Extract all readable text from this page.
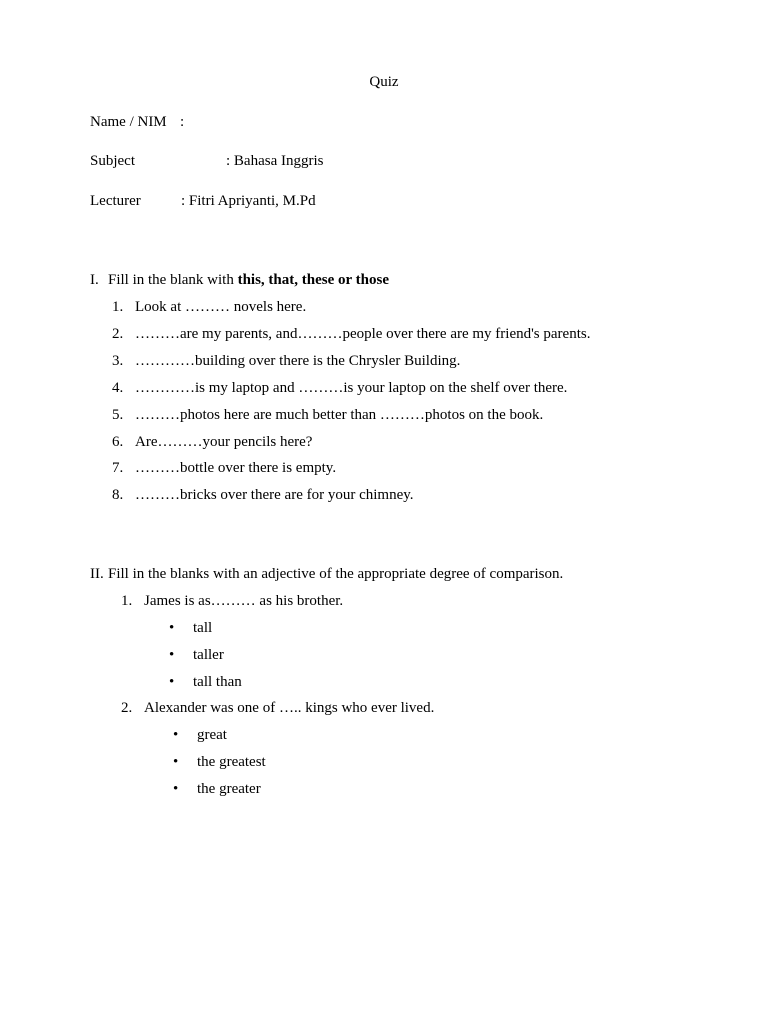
Quiz
Name / NIM :
Subject	: Bahasa Inggris
Lecturer	: Fitri Apriyanti, M.Pd
I. Fill in the blank with this, that, these or those
1. Look at ……… novels here.
2. ………are my parents, and………people over there are my friend's parents.
3. …………building over there is the Chrysler Building.
4. …………is my laptop and ………is your laptop on the shelf over there.
5. ………photos here are much better than ………photos on the book.
6. Are………your pencils here?
7. ………bottle over there is empty.
8. ………bricks over there are for your chimney.
II. Fill in the blanks with an adjective of the appropriate degree of comparison.
1. James is as……… as his brother.
• tall
• taller
• tall than
2. Alexander was one of ….. kings who ever lived.
• great
• the greatest
• the greater
